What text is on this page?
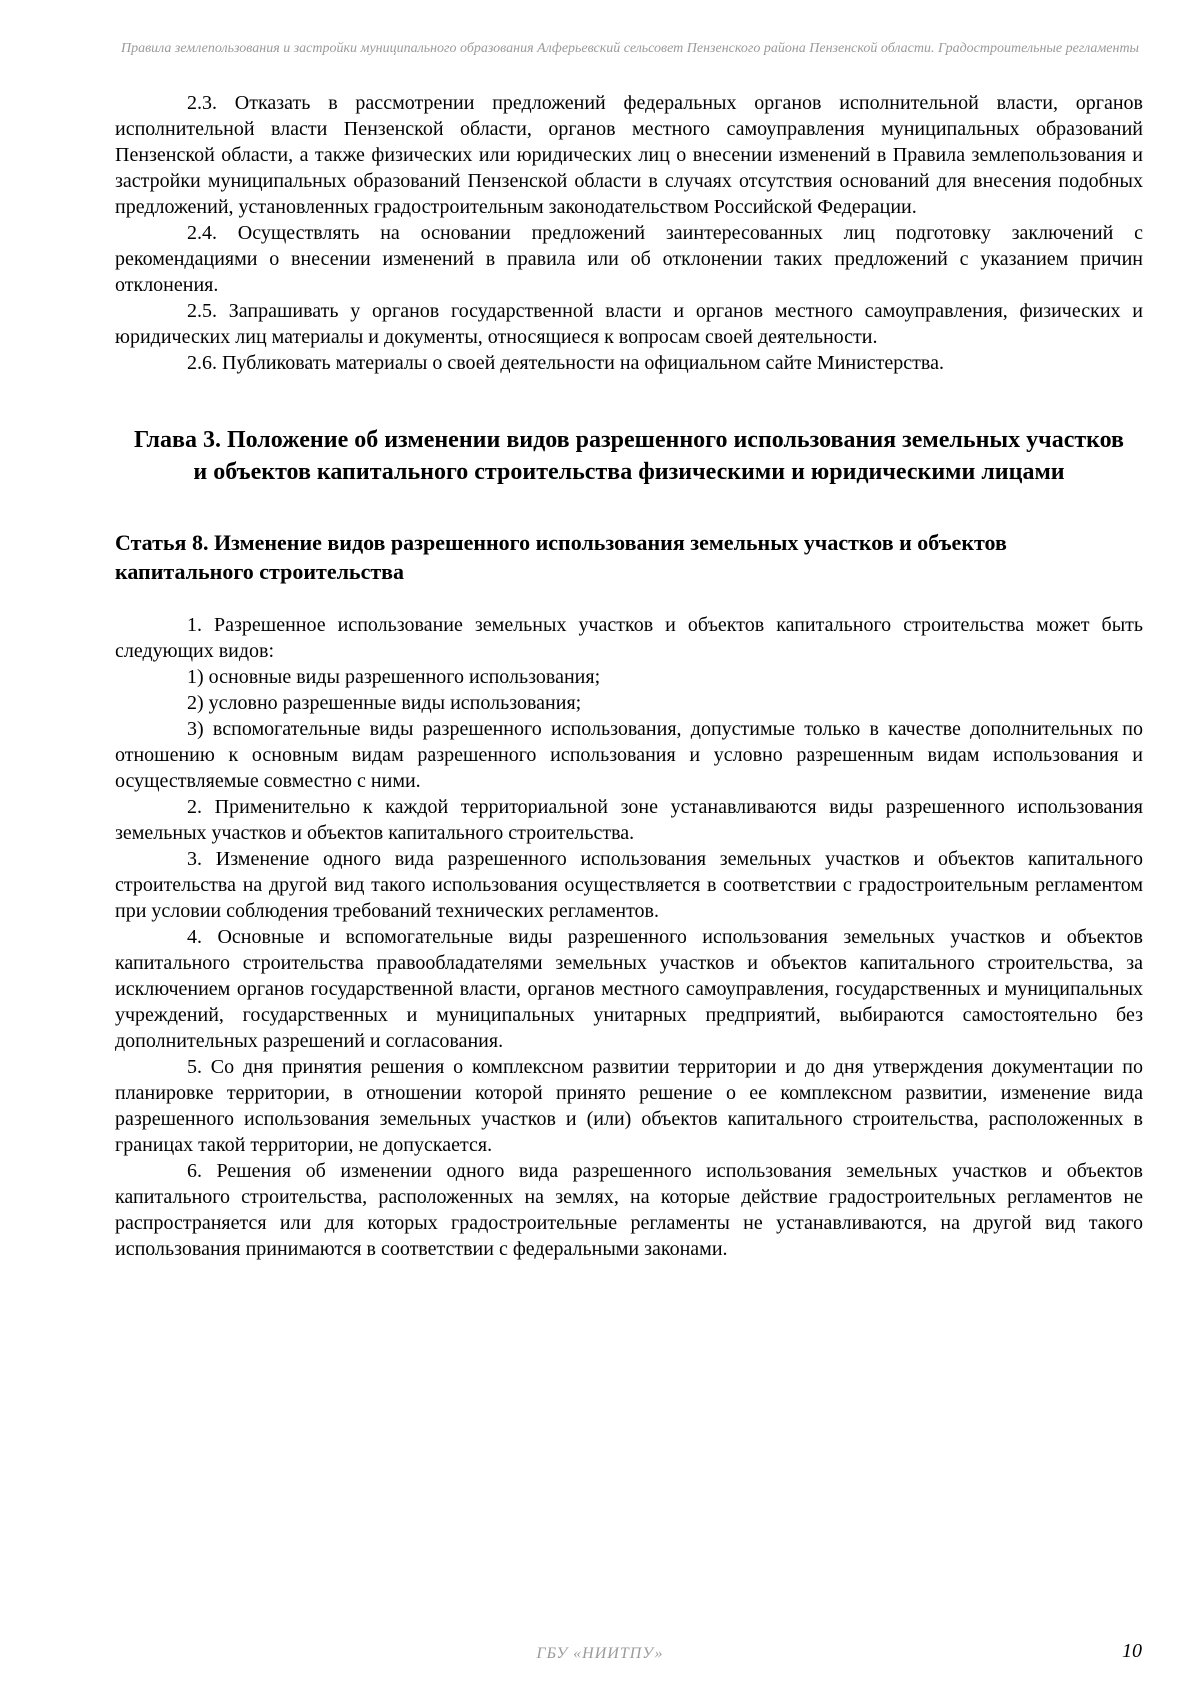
Правила землепользования и застройки муниципального образования Алферьевский сельсовет Пензенского района Пензенской области. Градостроительные регламенты

2.3. Отказать в рассмотрении предложений федеральных органов исполнительной власти, органов исполнительной власти Пензенской области, органов местного самоуправления муниципальных образований Пензенской области, а также физических или юридических лиц о внесении изменений в Правила землепользования и застройки муниципальных образований Пензенской области в случаях отсутствия оснований для внесения подобных предложений, установленных градостроительным законодательством Российской Федерации.

2.4. Осуществлять на основании предложений заинтересованных лиц подготовку заключений с рекомендациями о внесении изменений в правила или об отклонении таких предложений с указанием причин отклонения.

2.5. Запрашивать у органов государственной власти и органов местного самоуправления, физических и юридических лиц материалы и документы, относящиеся к вопросам своей деятельности.

2.6. Публиковать материалы о своей деятельности на официальном сайте Министерства.

Глава 3. Положение об изменении видов разрешенного использования земельных участков и объектов капитального строительства физическими и юридическими лицами
Статья 8. Изменение видов разрешенного использования земельных участков и объектов капитального строительства

1. Разрешенное использование земельных участков и объектов капитального строительства может быть следующих видов:

1) основные виды разрешенного использования;

2) условно разрешенные виды использования;

3) вспомогательные виды разрешенного использования, допустимые только в качестве дополнительных по отношению к основным видам разрешенного использования и условно разрешенным видам использования и осуществляемые совместно с ними.

2. Применительно к каждой территориальной зоне устанавливаются виды разрешенного использования земельных участков и объектов капитального строительства.

3. Изменение одного вида разрешенного использования земельных участков и объектов капитального строительства на другой вид такого использования осуществляется в соответствии с градостроительным регламентом при условии соблюдения требований технических регламентов.

4. Основные и вспомогательные виды разрешенного использования земельных участков и объектов капитального строительства правообладателями земельных участков и объектов капитального строительства, за исключением органов государственной власти, органов местного самоуправления, государственных и муниципальных учреждений, государственных и муниципальных унитарных предприятий, выбираются самостоятельно без дополнительных разрешений и согласования.

5. Со дня принятия решения о комплексном развитии территории и до дня утверждения документации по планировке территории, в отношении которой принято решение о ее комплексном развитии, изменение вида разрешенного использования земельных участков и (или) объектов капитального строительства, расположенных в границах такой территории, не допускается.

6. Решения об изменении одного вида разрешенного использования земельных участков и объектов капитального строительства, расположенных на землях, на которые действие градостроительных регламентов не распространяется или для которых градостроительные регламенты не устанавливаются, на другой вид такого использования принимаются в соответствии с федеральными законами.

ГБУ «НИИТПУ»	10
